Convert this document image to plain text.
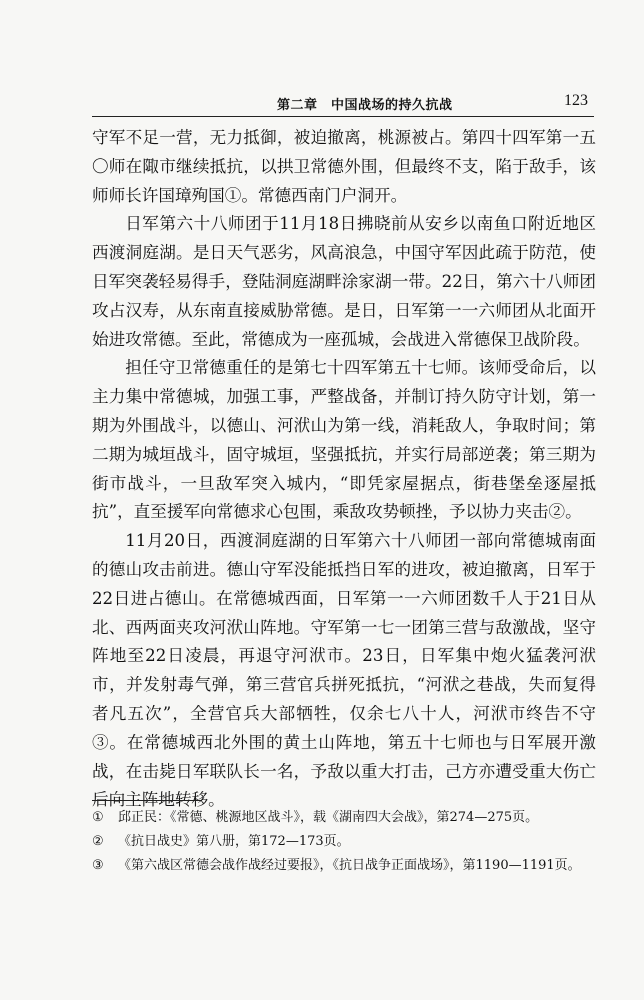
第二章　中国战场的持久抗战	123

守军不足一营，无力抵御，被迫撤离，桃源被占。第四十四军第一五〇师在陬市继续抵抗，以拱卫常德外围，但最终不支，陷于敌手，该师师长许国璋殉国①。常德西南门户洞开。

日军第六十八师团于11月18日拂晓前从安乡以南鱼口附近地区西渡洞庭湖。是日天气恶劣，风高浪急，中国守军因此疏于防范，使日军突袭轻易得手，登陆洞庭湖畔涂家湖一带。22日，第六十八师团攻占汉寿，从东南直接威胁常德。是日，日军第一一六师团从北面开始进攻常德。至此，常德成为一座孤城，会战进入常德保卫战阶段。

担任守卫常德重任的是第七十四军第五十七师。该师受命后，以主力集中常德城，加强工事，严整战备，并制订持久防守计划，第一期为外围战斗，以德山、河洑山为第一线，消耗敌人，争取时间；第二期为城垣战斗，固守城垣，坚强抵抗，并实行局部逆袭；第三期为街市战斗，一旦敌军突入城内，“即凭家屋据点，街巷堡垒逐屋抵抗”，直至援军向常德求心包围，乘敌攻势顿挫，予以协力夹击②。

11月20日，西渡洞庭湖的日军第六十八师团一部向常德城南面的德山攻击前进。德山守军没能抵挡日军的进攻，被迫撤离，日军于22日进占德山。在常德城西面，日军第一一六师团数千人于21日从北、西两面夹攻河洑山阵地。守军第一七一团第三营与敌激战，坚守阵地至22日凌晨，再退守河洑市。23日，日军集中炮火猛袭河洑市，并发射毒气弹，第三营官兵拼死抵抗，“河洑之巷战，失而复得者凡五次”，全营官兵大部牺牲，仅余七八十人，河洑市终告不守③。在常德城西北外围的黄土山阵地，第五十七师也与日军展开激战，在击毙日军联队长一名，予敌以重大打击，己方亦遭受重大伤亡后向主阵地转移。

① 邱正民：《常德、桃源地区战斗》，载《湖南四大会战》，第274—275页。

② 《抗日战史》第八册，第172—173页。

③ 《第六战区常德会战作战经过要报》，《抗日战争正面战场》，第1190—1191页。
